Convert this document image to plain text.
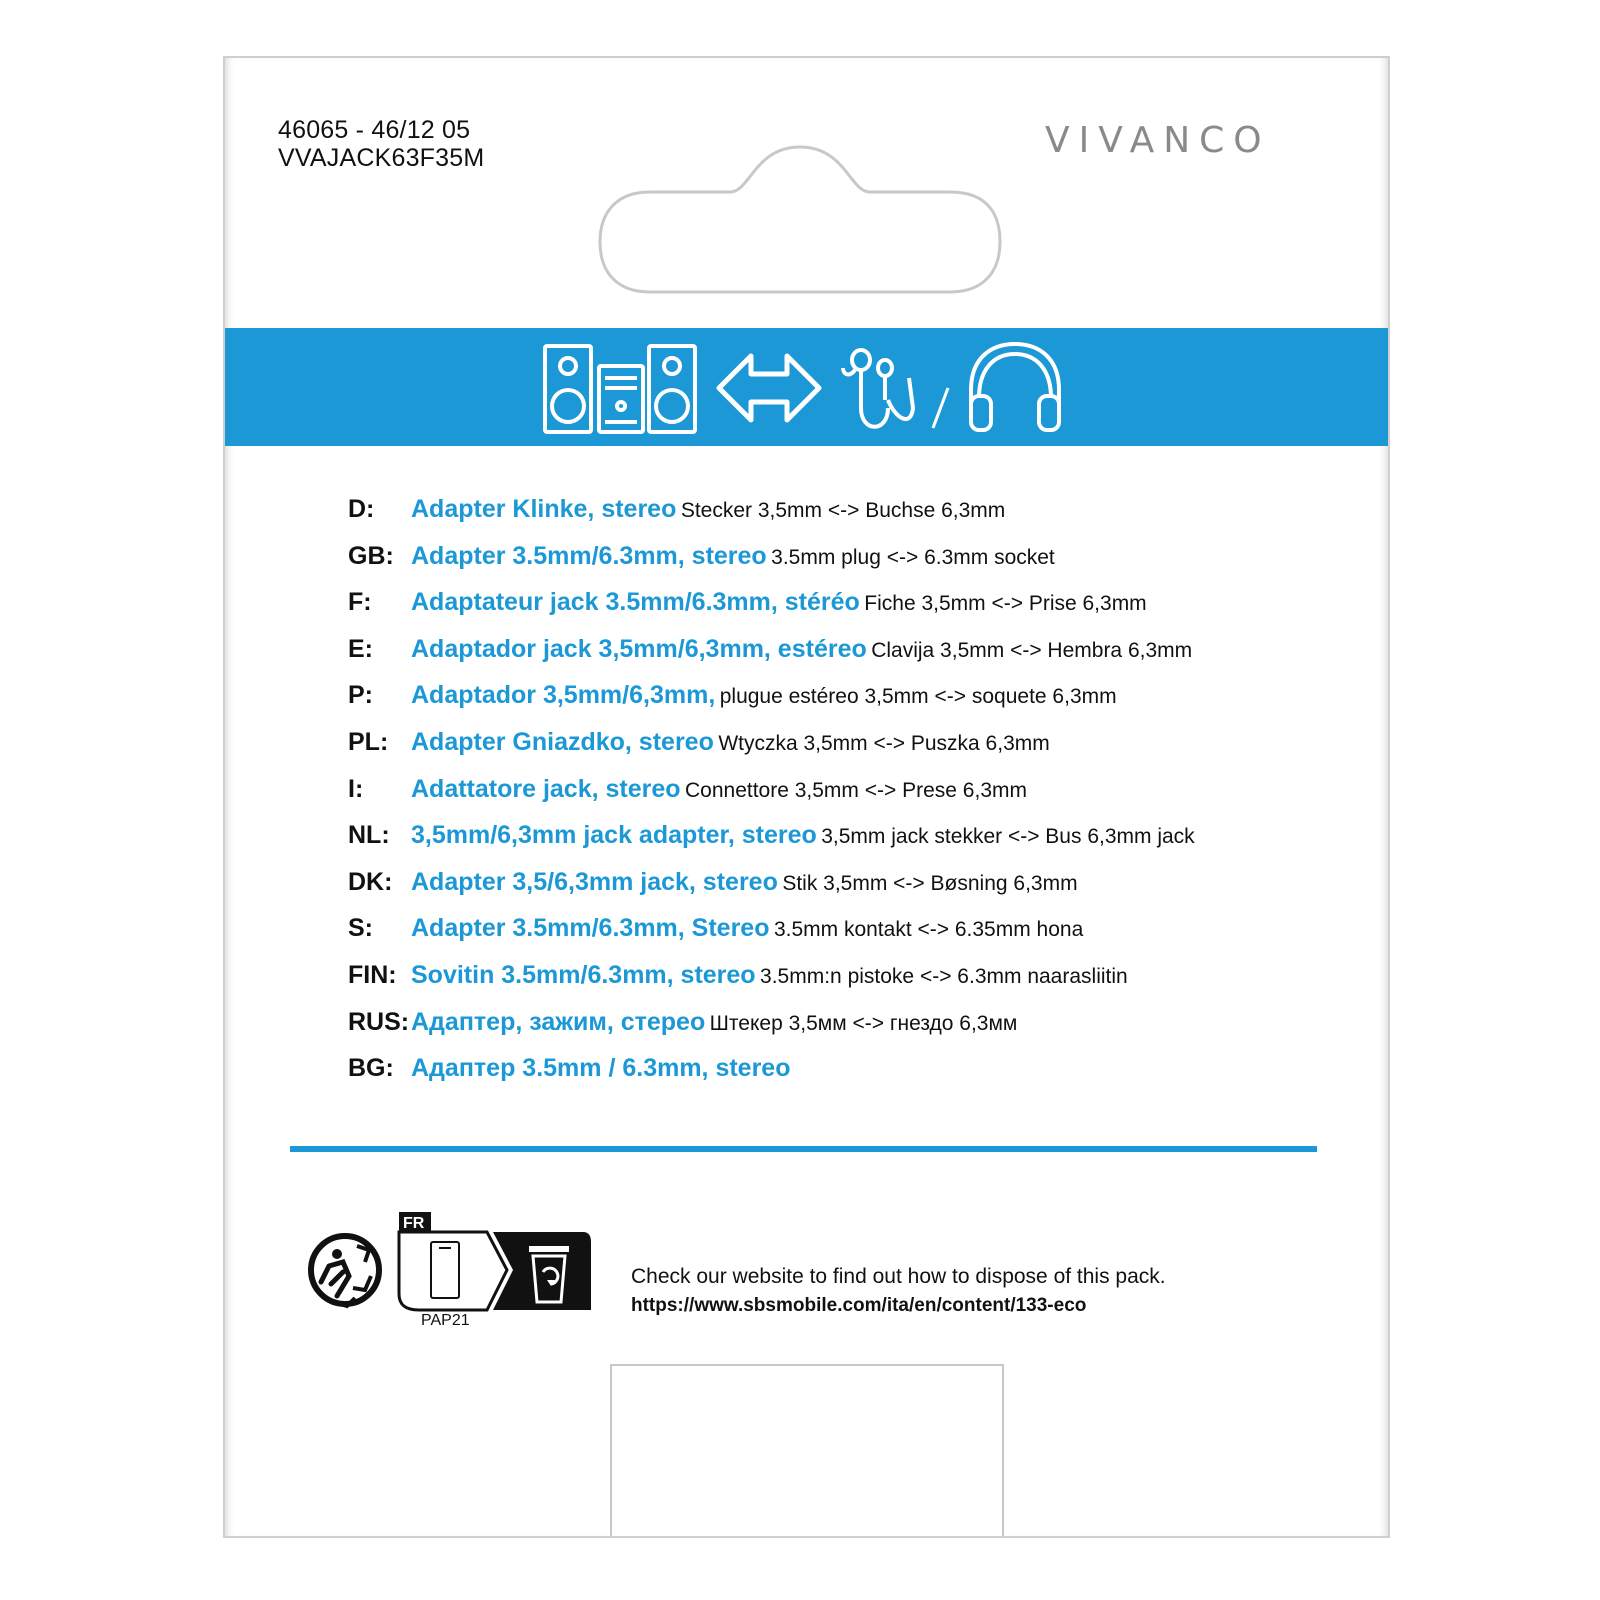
46065 - 46/12 05
VVAJACK63F35M	VIVANCO
D:	Adapter Klinke, stereo Stecker 3,5mm <-> Buchse 6,3mm
GB: Adapter 3.5mm/6.3mm, stereo 3.5mm plug <-> 6.3mm socket
F:	Adaptateur jack 3.5mm/6.3mm, stéréo Fiche 3,5mm <-> Prise 6,3mm
E:	Adaptador jack 3,5mm/6,3mm, estéreo Clavija 3,5mm <-> Hembra 6,3mm
P:	Adaptador 3,5mm/6,3mm, plugue estéreo 3,5mm <-> soquete 6,3mm
PL: Adapter Gniazdko, stereo Wtyczka 3,5mm <-> Puszka 6,3mm
I:	Adattatore jack, stereo Connettore 3,5mm <-> Prese 6,3mm
NL: 3,5mm/6,3mm jack adapter, stereo 3,5mm jack stekker <-> Bus 6,3mm jack
DK: Adapter 3,5/6,3mm jack, stereo Stik 3,5mm <-> Bøsning 6,3mm
S:	Adapter 3.5mm/6.3mm, Stereo 3.5mm kontakt <-> 6.35mm hona
FIN: Sovitin 3.5mm/6.3mm, stereo 3.5mm:n pistoke <-> 6.3mm naarasliitin
RUS: Адаптер, зажим, стерео Штекер 3,5мм <-> гнездо 6,3мм
BG: Адаптер 3.5mm / 6.3mm, stereo
FR
PAP21
Check our website to find out how to dispose of this pack.
https://www.sbsmobile.com/ita/en/content/133-eco
